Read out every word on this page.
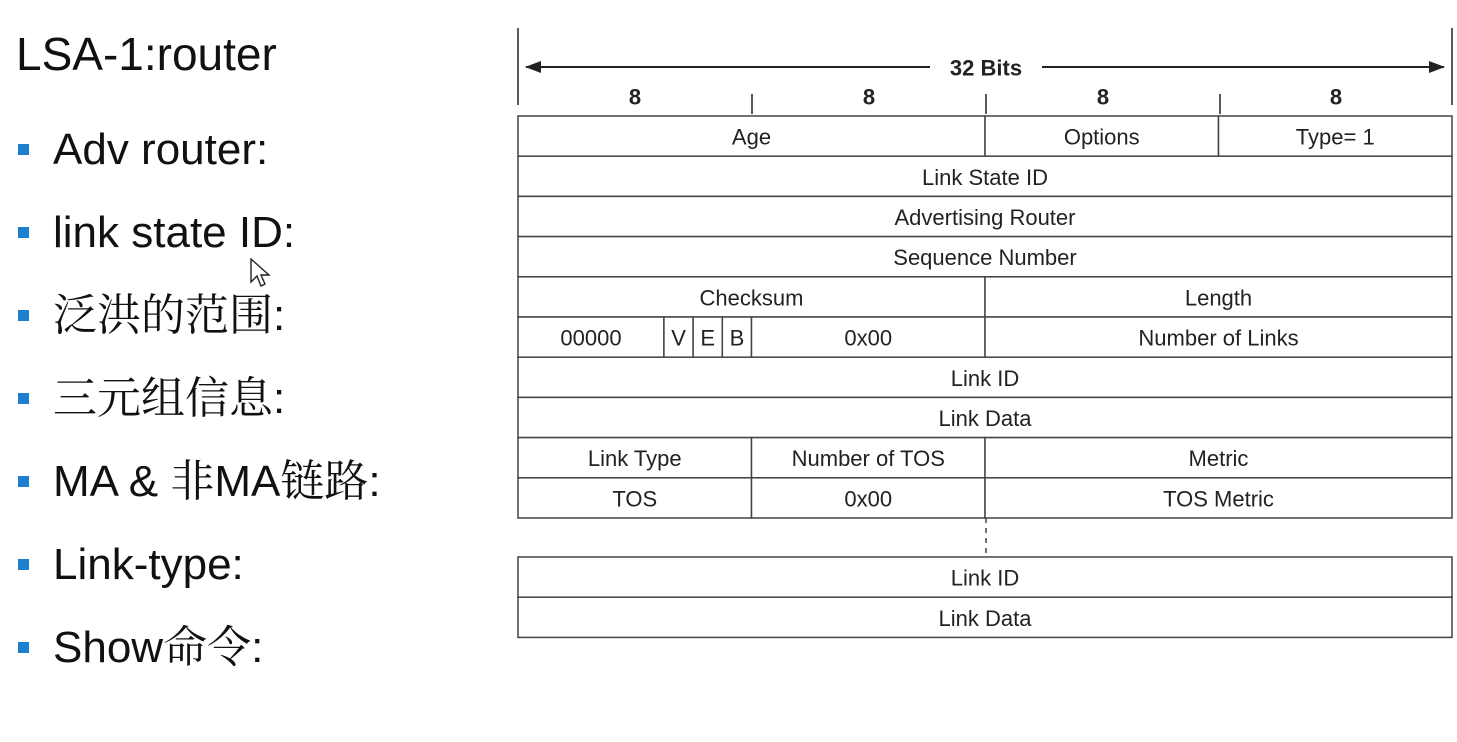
LSA-1:router
Adv router:
link state ID:
泛洪的范围:
三元组信息:
MA & 非MA链路:
Link-type:
Show命令:
32 Bits
8	8	8	8
Age	Options	Type= 1
Link State ID
Advertising Router
Sequence Number
Checksum	Length
00000 V E B	0x00	Number of Links
Link ID
Link Data
Link Type	Number of TOS	Metric
TOS	0x00	TOS Metric
Link ID
Link Data
